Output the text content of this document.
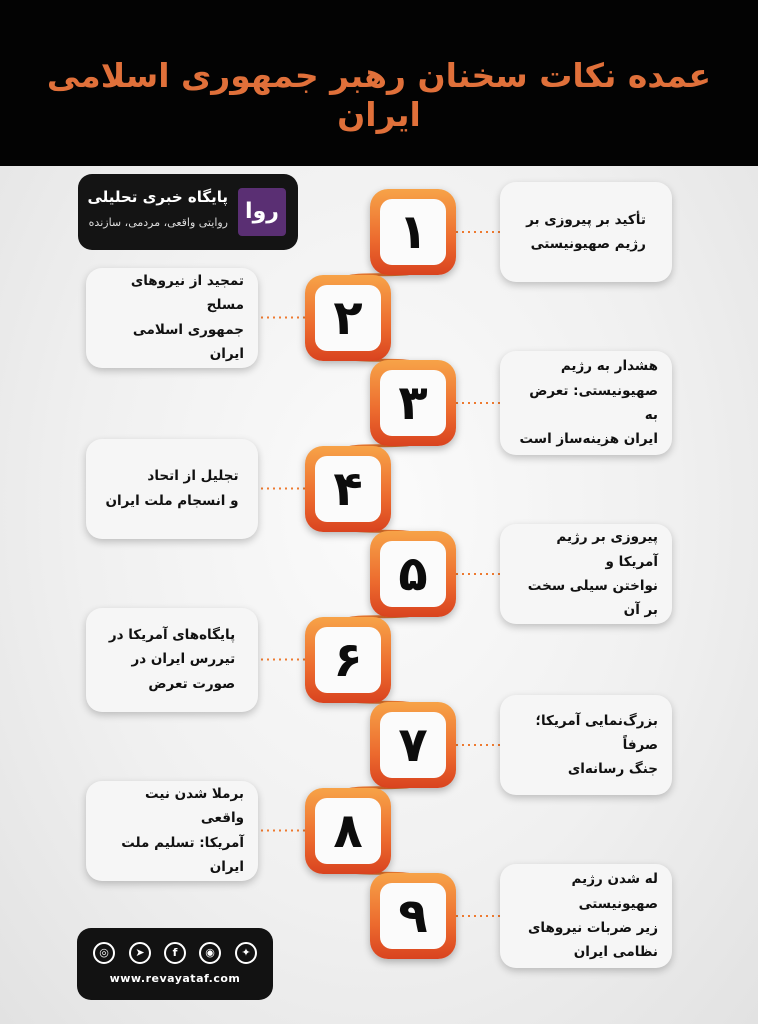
عمده نکات سخنان رهبر جمهوری اسلامی ایران
رو‌ا
پایگاه خبری تحلیلی
روایتی واقعی، مردمی، سازنده	تأکید بر پیروزی بر
رژیم صهیونیستی
۱
تمجید از نیروهای مسلح
جمهوری اسلامی ایران
۲
هشدار به رژیم
صهیونیستی: تعرض به
ایران هزینه‌ساز است
۳
تجلیل از اتحاد
و انسجام ملت ایران	۴
پیروزی بر رژیم آمریکا و
نواختن سیلی سخت بر آن
۵
پایگاه‌های آمریکا در
تیررس ایران در
صورت تعرض	۶
بزرگ‌نمایی آمریکا؛ صرفاً
جنگ رسانه‌ای
۷
برملا شدن نیت واقعی
آمریکا: تسلیم ملت ایران
۸
له شدن رژیم صهیونیستی
زیر ضربات نیروهای
نظامی ایران
۹
◎	➤	f	◉	✦
www.revayataf.com
